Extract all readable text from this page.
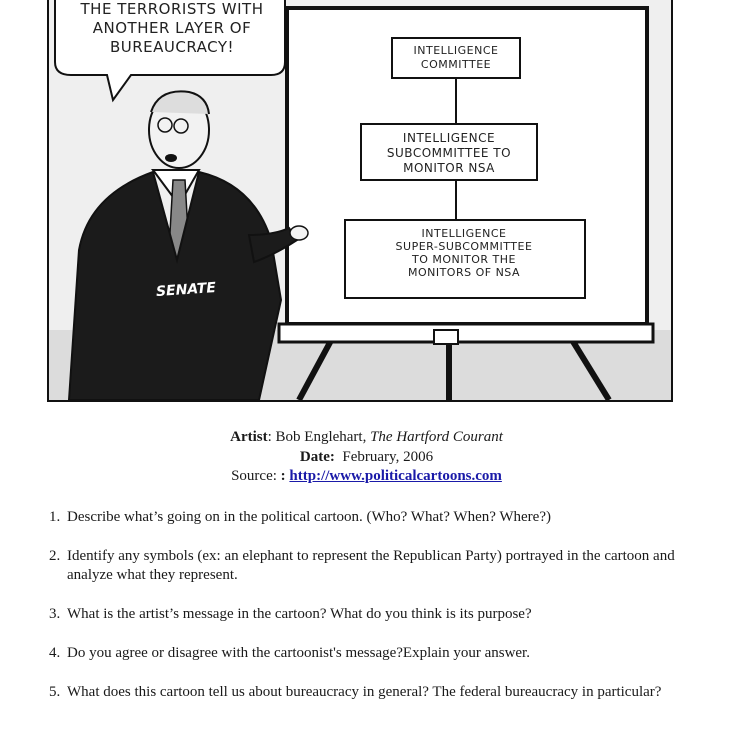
THE TERRORISTS WITH
ANOTHER LAYER OF
BUREAUCRACY!	INTELLIGENCE
COMMITTEE
INTELLIGENCE
SUBCOMMITTEE TO
MONITOR NSA
INTELLIGENCE
SUPER-SUBCOMMITTEE
TO MONITOR THE
MONITORS OF NSA
SENATE
Artist: Bob Englehart, The Hartford Courant
Date:  February, 2006
Source: : http://www.politicalcartoons.com
1. Describe what’s going on in the political cartoon. (Who? What? When? Where?)
2. Identify any symbols (ex: an elephant to represent the Republican Party) portrayed in the cartoon and analyze what they represent.
3. What is the artist’s message in the cartoon? What do you think is its purpose?
4. Do you agree or disagree with the cartoonist's message?Explain your answer.
5. What does this cartoon tell us about bureaucracy in general? The federal bureaucracy in particular?
